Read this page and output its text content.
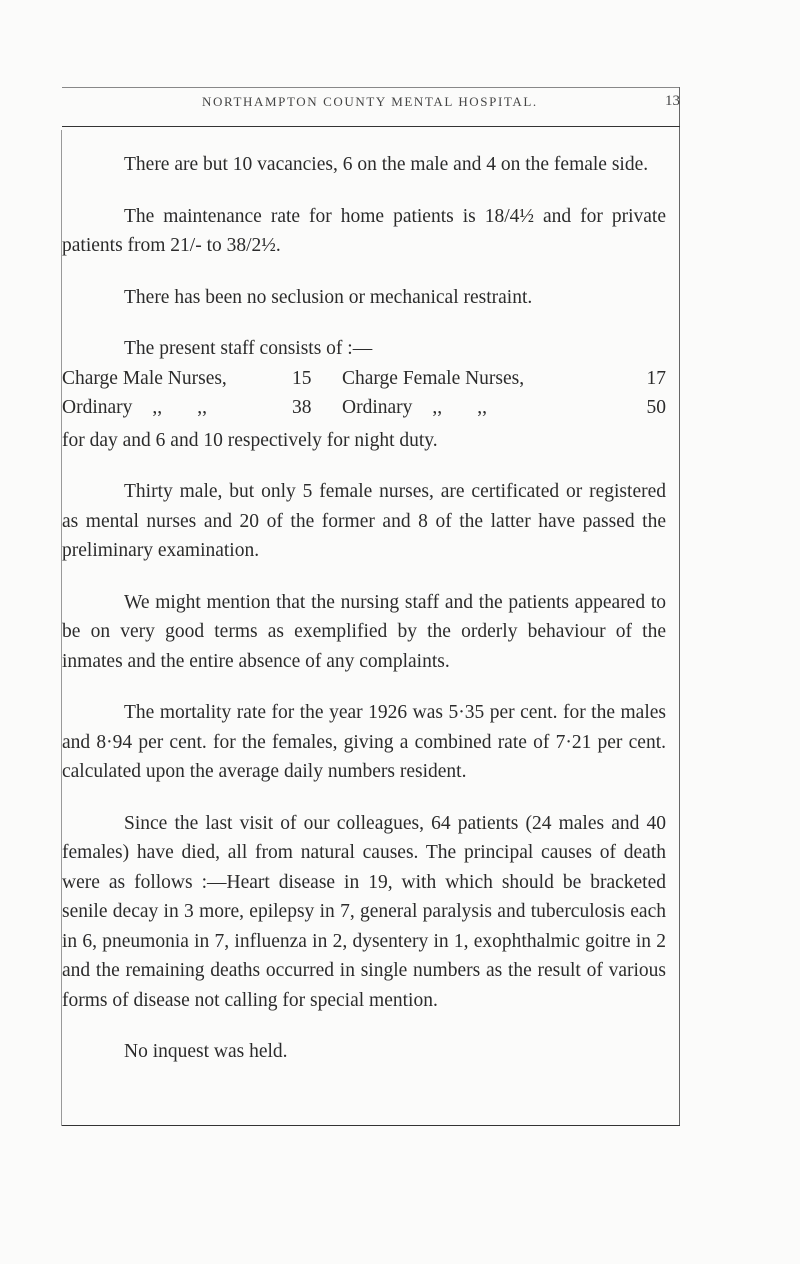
NORTHAMPTON COUNTY MENTAL HOSPITAL.	13

There are but 10 vacancies, 6 on the male and 4 on the female side.

The maintenance rate for home patients is 18/4½ and for private patients from 21/- to 38/2½.

There has been no seclusion or mechanical restraint.

The present staff consists of :—

Charge Male Nurses,	15	Charge Female Nurses,	17
Ordinary ,, ,,	38	Ordinary ,, ,,	50

for day and 6 and 10 respectively for night duty.

Thirty male, but only 5 female nurses, are certificated or registered as mental nurses and 20 of the former and 8 of the latter have passed the preliminary examination.

We might mention that the nursing staff and the patients appeared to be on very good terms as exemplified by the orderly behaviour of the inmates and the entire absence of any complaints.

The mortality rate for the year 1926 was 5·35 per cent. for the males and 8·94 per cent. for the females, giving a combined rate of 7·21 per cent. calculated upon the average daily numbers resident.

Since the last visit of our colleagues, 64 patients (24 males and 40 females) have died, all from natural causes. The principal causes of death were as follows :—Heart disease in 19, with which should be bracketed senile decay in 3 more, epilepsy in 7, general paralysis and tuberculosis each in 6, pneumonia in 7, influenza in 2, dysentery in 1, exophthalmic goitre in 2 and the remaining deaths occurred in single numbers as the result of various forms of disease not calling for special mention.

No inquest was held.
